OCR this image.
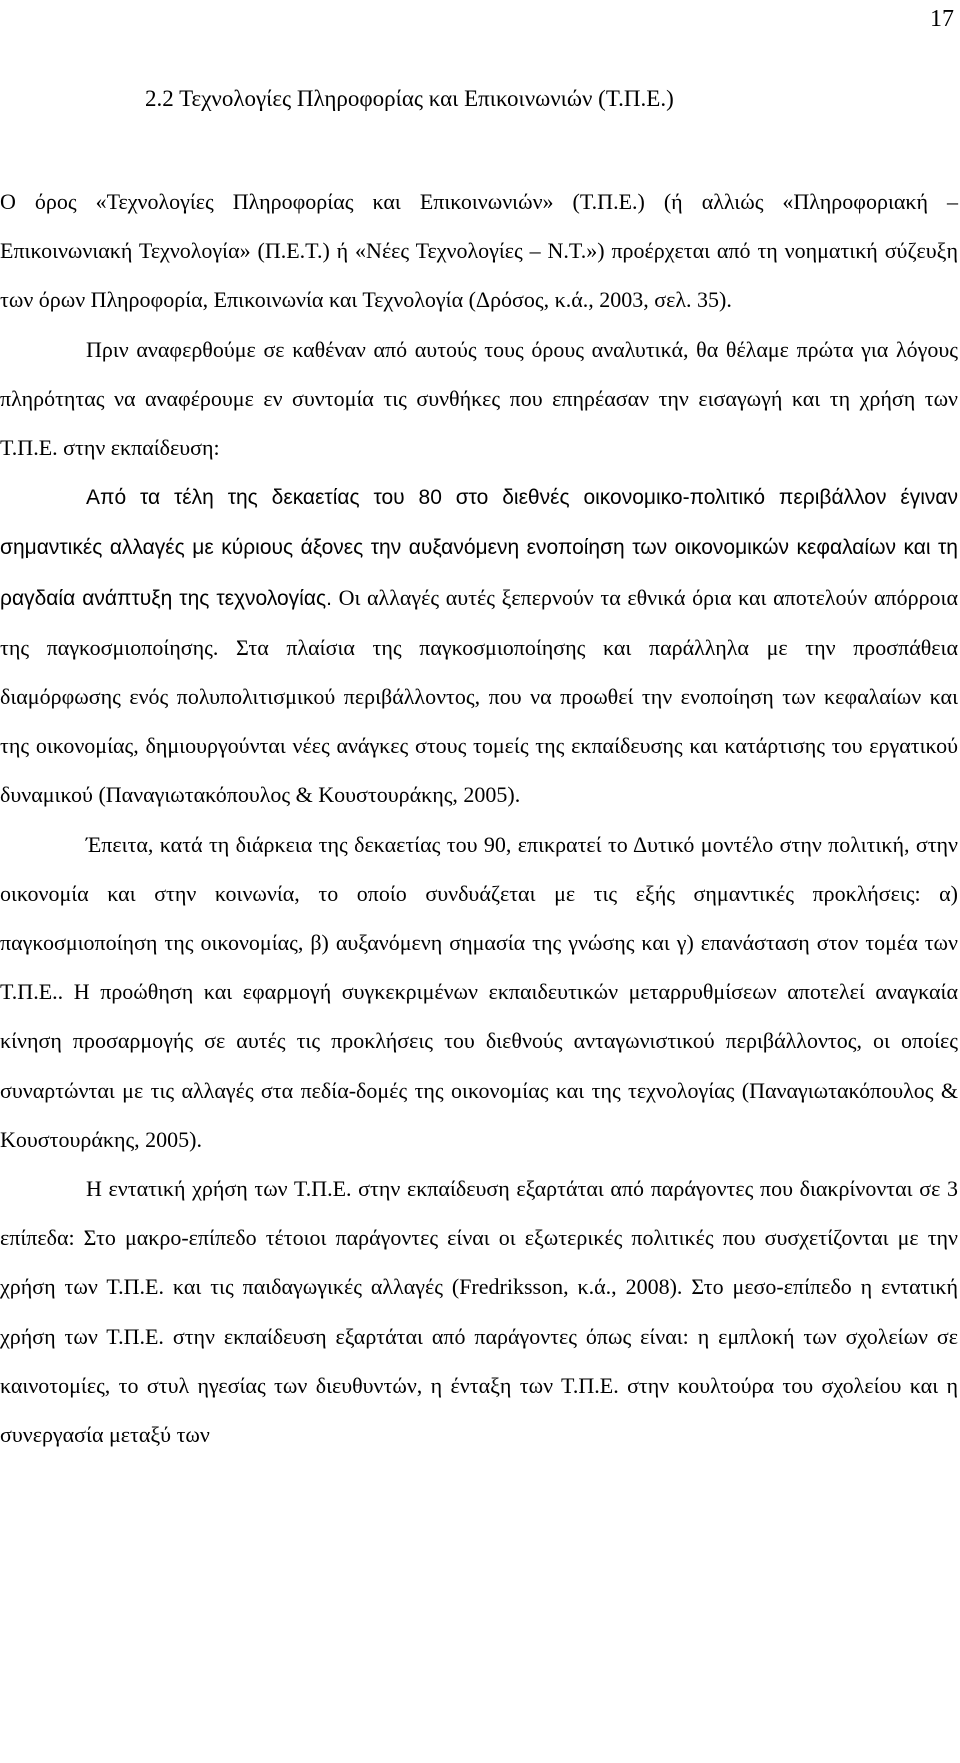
17
2.2 Τεχνολογίες Πληροφορίας και Επικοινωνιών (Τ.Π.Ε.)

Ο όρος «Τεχνολογίες Πληροφορίας και Επικοινωνιών» (Τ.Π.Ε.) (ή αλλιώς «Πληροφοριακή – Επικοινωνιακή Τεχνολογία» (Π.Ε.Τ.) ή «Νέες Τεχνολογίες – Ν.Τ.») προέρχεται από τη νοηματική σύζευξη των όρων Πληροφορία, Επικοινωνία και Τεχνολογία (Δρόσος, κ.ά., 2003, σελ. 35).

Πριν αναφερθούμε σε καθέναν από αυτούς τους όρους αναλυτικά, θα θέλαμε πρώτα για λόγους πληρότητας να αναφέρουμε εν συντομία τις συνθήκες που επηρέασαν την εισαγωγή και τη χρήση των Τ.Π.Ε. στην εκπαίδευση:

Από τα τέλη της δεκαετίας του 80 στο διεθνές οικονομικο-πολιτικό περιβάλλον έγιναν σημαντικές αλλαγές με κύριους άξονες την αυξανόμενη ενοποίηση των οικονομικών κεφαλαίων και τη ραγδαία ανάπτυξη της τεχνολογίας. Οι αλλαγές αυτές ξεπερνούν τα εθνικά όρια και αποτελούν απόρροια της παγκοσμιοποίησης. Στα πλαίσια της παγκοσμιοποίησης και παράλληλα με την προσπάθεια διαμόρφωσης ενός πολυπολιτισμικού περιβάλλοντος, που να προωθεί την ενοποίηση των κεφαλαίων και της οικονομίας, δημιουργούνται νέες ανάγκες στους τομείς της εκπαίδευσης και κατάρτισης του εργατικού δυναμικού (Παναγιωτακόπουλος & Κουστουράκης, 2005).

Έπειτα, κατά τη διάρκεια της δεκαετίας του 90, επικρατεί το Δυτικό μοντέλο στην πολιτική, στην οικονομία και στην κοινωνία, το οποίο συνδυάζεται με τις εξής σημαντικές προκλήσεις: α) παγκοσμιοποίηση της οικονομίας, β) αυξανόμενη σημασία της γνώσης και γ) επανάσταση στον τομέα των Τ.Π.Ε.. Η προώθηση και εφαρμογή συγκεκριμένων εκπαιδευτικών μεταρρυθμίσεων αποτελεί αναγκαία κίνηση προσαρμογής σε αυτές τις προκλήσεις του διεθνούς ανταγωνιστικού περιβάλλοντος, οι οποίες συναρτώνται με τις αλλαγές στα πεδία-δομές της οικονομίας και της τεχνολογίας (Παναγιωτακόπουλος & Κουστουράκης, 2005).

Η εντατική χρήση των Τ.Π.Ε. στην εκπαίδευση εξαρτάται από παράγοντες που διακρίνονται σε 3 επίπεδα: Στο μακρο-επίπεδο τέτοιοι παράγοντες είναι οι εξωτερικές πολιτικές που συσχετίζονται με την χρήση των Τ.Π.Ε. και τις παιδαγωγικές αλλαγές (Fredriksson, κ.ά., 2008). Στο μεσο-επίπεδο η εντατική χρήση των Τ.Π.Ε. στην εκπαίδευση εξαρτάται από παράγοντες όπως είναι: η εμπλοκή των σχολείων σε καινοτομίες, το στυλ ηγεσίας των διευθυντών, η ένταξη των Τ.Π.Ε. στην κουλτούρα του σχολείου και η συνεργασία μεταξύ των
